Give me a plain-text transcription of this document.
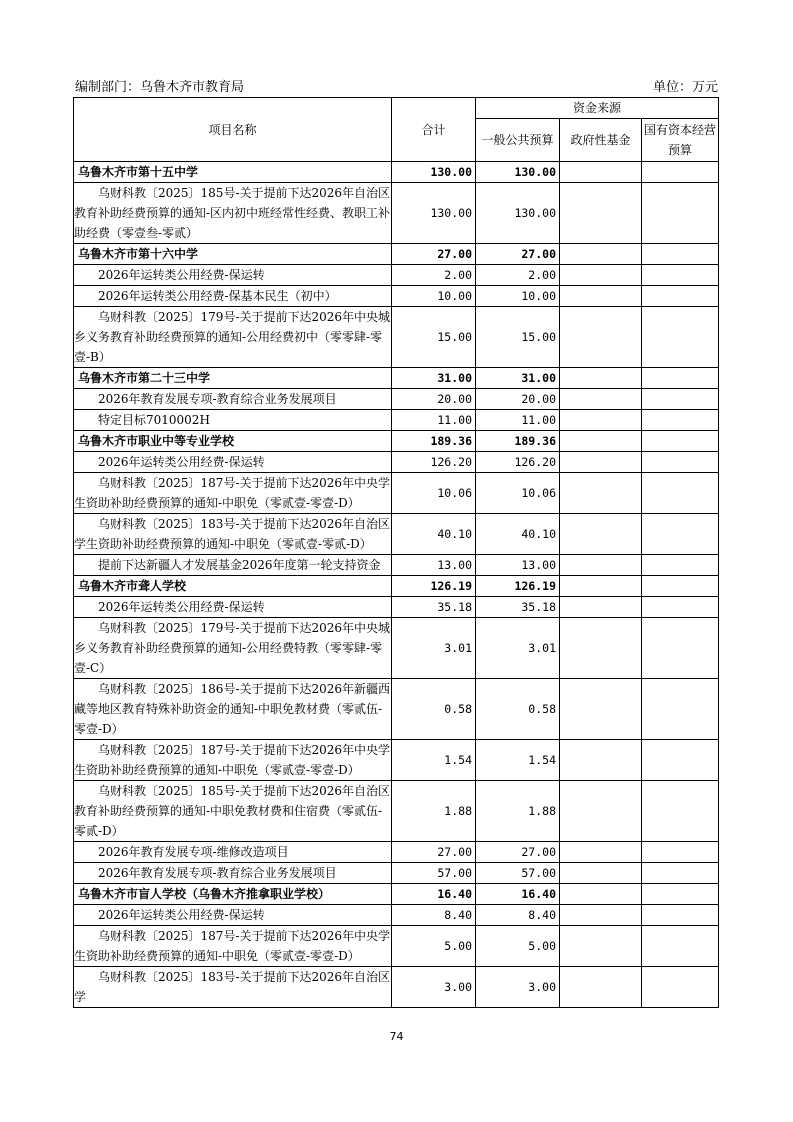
编制部门：乌鲁木齐市教育局	单位：万元
项目名称	合计	资金来源		
		一般公共预算	政府性基金	国有资本经营
预算
乌鲁木齐市第十五中学	130.00	130.00		
乌财科教〔2025〕185号-关于提前下达2026年自治区教育补助经费预算的通知-区内初中班经常性经费、教职工补助经费（零壹叁-零贰）	130.00	130.00		
乌鲁木齐市第十六中学	27.00	27.00		
2026年运转类公用经费-保运转	2.00	2.00		
2026年运转类公用经费-保基本民生（初中）	10.00	10.00		
乌财科教〔2025〕179号-关于提前下达2026年中央城乡义务教育补助经费预算的通知-公用经费初中（零零肆-零壹-B）	15.00	15.00		
乌鲁木齐市第二十三中学	31.00	31.00		
2026年教育发展专项-教育综合业务发展项目	20.00	20.00		
特定目标7010002H	11.00	11.00		
乌鲁木齐市职业中等专业学校	189.36	189.36		
2026年运转类公用经费-保运转	126.20	126.20		
乌财科教〔2025〕187号-关于提前下达2026年中央学生资助补助经费预算的通知-中职免（零贰壹-零壹-D）	10.06	10.06		
乌财科教〔2025〕183号-关于提前下达2026年自治区学生资助补助经费预算的通知-中职免（零贰壹-零贰-D）	40.10	40.10		
提前下达新疆人才发展基金2026年度第一轮支持资金	13.00	13.00		
乌鲁木齐市聋人学校	126.19	126.19		
2026年运转类公用经费-保运转	35.18	35.18		
乌财科教〔2025〕179号-关于提前下达2026年中央城乡义务教育补助经费预算的通知-公用经费特教（零零肆-零壹-C）	3.01	3.01		
乌财科教〔2025〕186号-关于提前下达2026年新疆西藏等地区教育特殊补助资金的通知-中职免教材费（零贰伍-零壹-D）	0.58	0.58		
乌财科教〔2025〕187号-关于提前下达2026年中央学生资助补助经费预算的通知-中职免（零贰壹-零壹-D）	1.54	1.54		
乌财科教〔2025〕185号-关于提前下达2026年自治区教育补助经费预算的通知-中职免教材费和住宿费（零贰伍-零贰-D）	1.88	1.88		
2026年教育发展专项-维修改造项目	27.00	27.00		
2026年教育发展专项-教育综合业务发展项目	57.00	57.00		
乌鲁木齐市盲人学校（乌鲁木齐推拿职业学校）	16.40	16.40		
2026年运转类公用经费-保运转	8.40	8.40		
乌财科教〔2025〕187号-关于提前下达2026年中央学生资助补助经费预算的通知-中职免（零贰壹-零壹-D）	5.00	5.00		
乌财科教〔2025〕183号-关于提前下达2026年自治区学	3.00	3.00		
74
